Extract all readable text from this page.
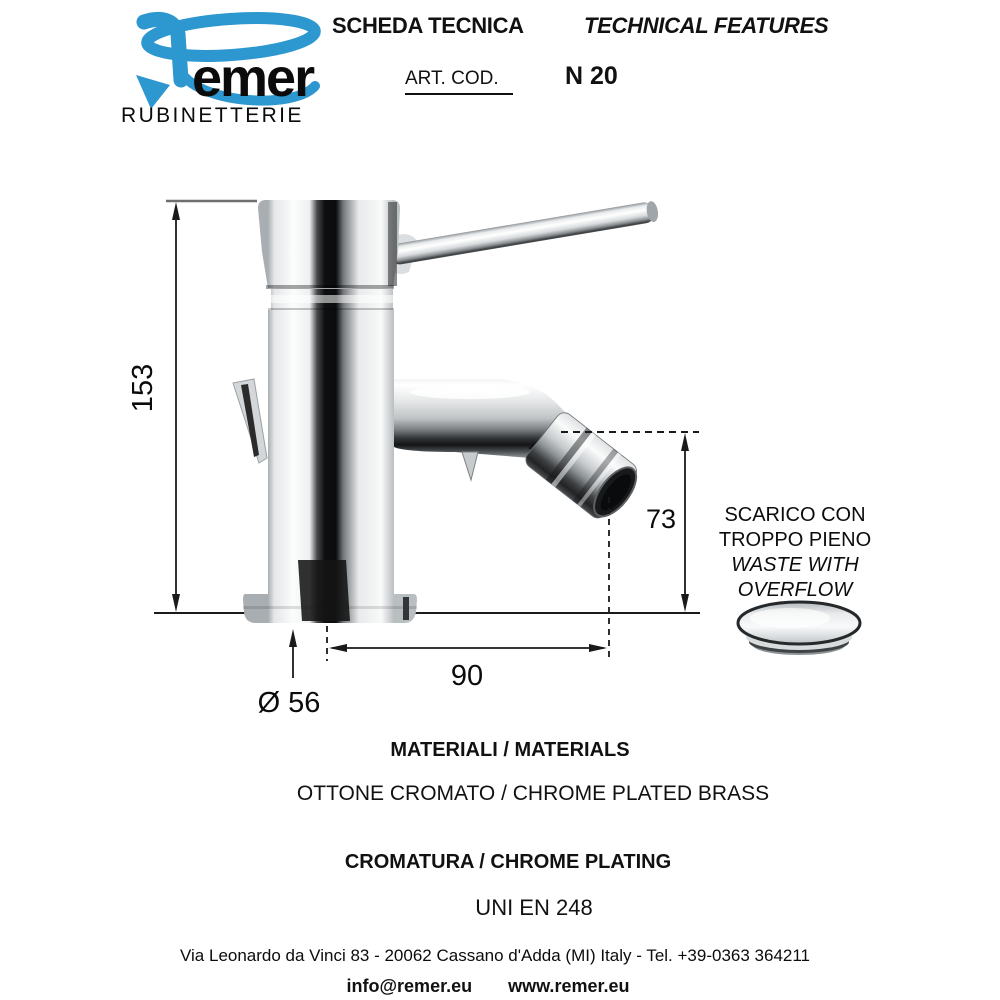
emer
RUBINETTERIE
SCHEDA TECNICA	TECHNICAL FEATURES
ART. COD.	N 20
153
73
90
Ø 56
SCARICO CON
TROPPO PIENO
WASTE WITH
OVERFLOW
MATERIALI / MATERIALS
OTTONE CROMATO / CHROME PLATED BRASS
CROMATURA / CHROME PLATING
UNI EN 248
Via Leonardo da Vinci 83 - 20062 Cassano d'Adda (MI) Italy - Tel. +39-0363 364211
info@remer.eu www.remer.eu
